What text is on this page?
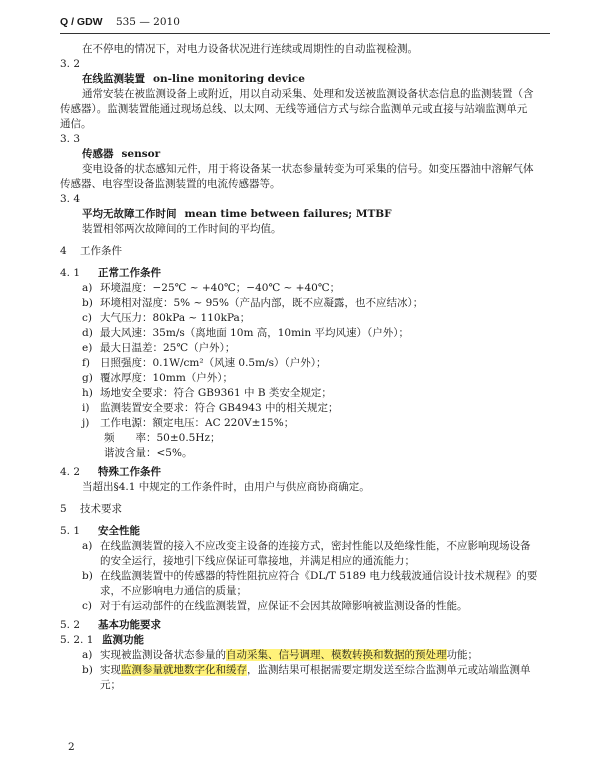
Q / GDW 535 — 2010

在不停电的情况下，对电力设备状况进行连续或周期性的自动监视检测。

3. 2

在线监测装置 on-line monitoring device

通常安装在被监测设备上或附近，用以自动采集、处理和发送被监测设备状态信息的监测装置（含

传感器）。监测装置能通过现场总线、以太网、无线等通信方式与综合监测单元或直接与站端监测单元

通信。

3. 3

传感器 sensor

变电设备的状态感知元件，用于将设备某一状态参量转变为可采集的信号。如变压器油中溶解气体

传感器、电容型设备监测装置的电流传感器等。

3. 4

平均无故障工作时间 mean time between failures; MTBF

装置相邻两次故障间的工作时间的平均值。

4 工作条件

4. 1 正常工作条件

a) 环境温度：−25℃ ~ +40℃；−40℃ ~ +40℃；
b) 环境相对湿度：5% ~ 95%（产品内部，既不应凝露，也不应结冰）；
c) 大气压力：80kPa ~ 110kPa；
d) 最大风速：35m/s（离地面 10m 高，10min 平均风速）（户外）；
e) 最大日温差：25℃（户外）；
f) 日照强度：0.1W/cm²（风速 0.5m/s）（户外）；
g) 覆冰厚度：10mm（户外）；
h) 场地安全要求：符合 GB9361 中 B 类安全规定；
i)	监测装置安全要求：符合 GB4943 中的相关规定；
j)	工作电源：额定电压：AC 220V±15%；

频　　率：50±0.5Hz；

谐波含量：<5%。

4. 2 特殊工作条件

当超出§4.1 中规定的工作条件时，由用户与供应商协商确定。

5 技术要求

5. 1 安全性能

a) 在线监测装置的接入不应改变主设备的连接方式，密封性能以及绝缘性能，不应影响现场设备
的安全运行，接地引下线应保证可靠接地，并满足相应的通流能力；
b) 在线监测装置中的传感器的特性阻抗应符合《DL/T 5189 电力线载波通信设计技术规程》的要
求，不应影响电力通信的质量；
c) 对于有运动部件的在线监测装置，应保证不会因其故障影响被监测设备的性能。

5. 2 基本功能要求

5. 2. 1 监测功能

a) 实现被监测设备状态参量的自动采集、信号调理、模数转换和数据的预处理功能；
b) 实现监测参量就地数字化和缓存，监测结果可根据需要定期发送至综合监测单元或站端监测单
元；
2
